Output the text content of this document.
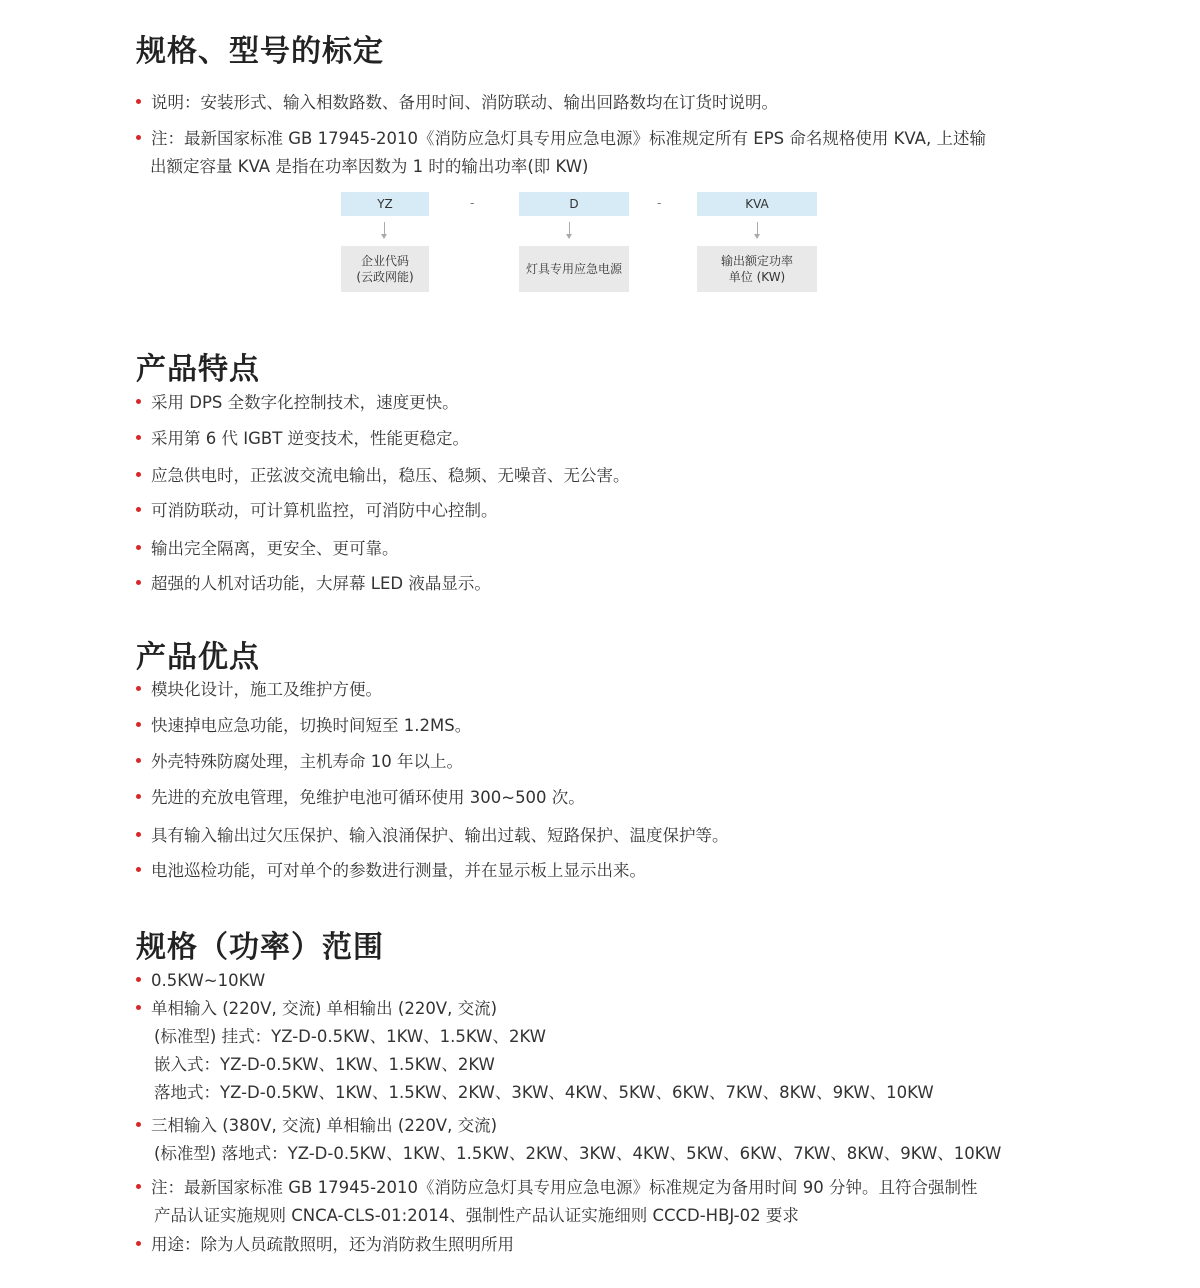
规格、型号的标定
说明：安装形式、输入相数路数、备用时间、消防联动、输出回路数均在订货时说明。
注：最新国家标准 GB 17945-2010《消防应急灯具专用应急电源》标准规定所有 EPS 命名规格使用 KVA, 上述输
出额定容量 KVA 是指在功率因数为 1 时的输出功率(即 KW)
YZ	-	D	-	KVA
企业代码
(云政网能)
灯具专用应急电源
输出额定功率
单位 (KW)
产品特点
采用 DPS 全数字化控制技术，速度更快。
采用第 6 代 IGBT 逆变技术，性能更稳定。
应急供电时，正弦波交流电输出，稳压、稳频、无噪音、无公害。
可消防联动，可计算机监控，可消防中心控制。
输出完全隔离，更安全、更可靠。
超强的人机对话功能，大屏幕 LED 液晶显示。
产品优点
模块化设计，施工及维护方便。
快速掉电应急功能，切换时间短至 1.2MS。
外壳特殊防腐处理，主机寿命 10 年以上。
先进的充放电管理，免维护电池可循环使用 300~500 次。
具有输入输出过欠压保护、输入浪涌保护、输出过载、短路保护、温度保护等。
电池巡检功能，可对单个的参数进行测量，并在显示板上显示出来。
规格（功率）范围
0.5KW~10KW
单相输入 (220V, 交流) 单相输出 (220V, 交流)
(标准型) 挂式：YZ-D-0.5KW、1KW、1.5KW、2KW
嵌入式：YZ-D-0.5KW、1KW、1.5KW、2KW
落地式：YZ-D-0.5KW、1KW、1.5KW、2KW、3KW、4KW、5KW、6KW、7KW、8KW、9KW、10KW
三相输入 (380V, 交流) 单相输出 (220V, 交流)
(标准型) 落地式：YZ-D-0.5KW、1KW、1.5KW、2KW、3KW、4KW、5KW、6KW、7KW、8KW、9KW、10KW
注：最新国家标准 GB 17945-2010《消防应急灯具专用应急电源》标准规定为备用时间 90 分钟。且符合强制性
产品认证实施规则 CNCA-CLS-01:2014、强制性产品认证实施细则 CCCD-HBJ-02 要求
用途：除为人员疏散照明，还为消防救生照明所用
